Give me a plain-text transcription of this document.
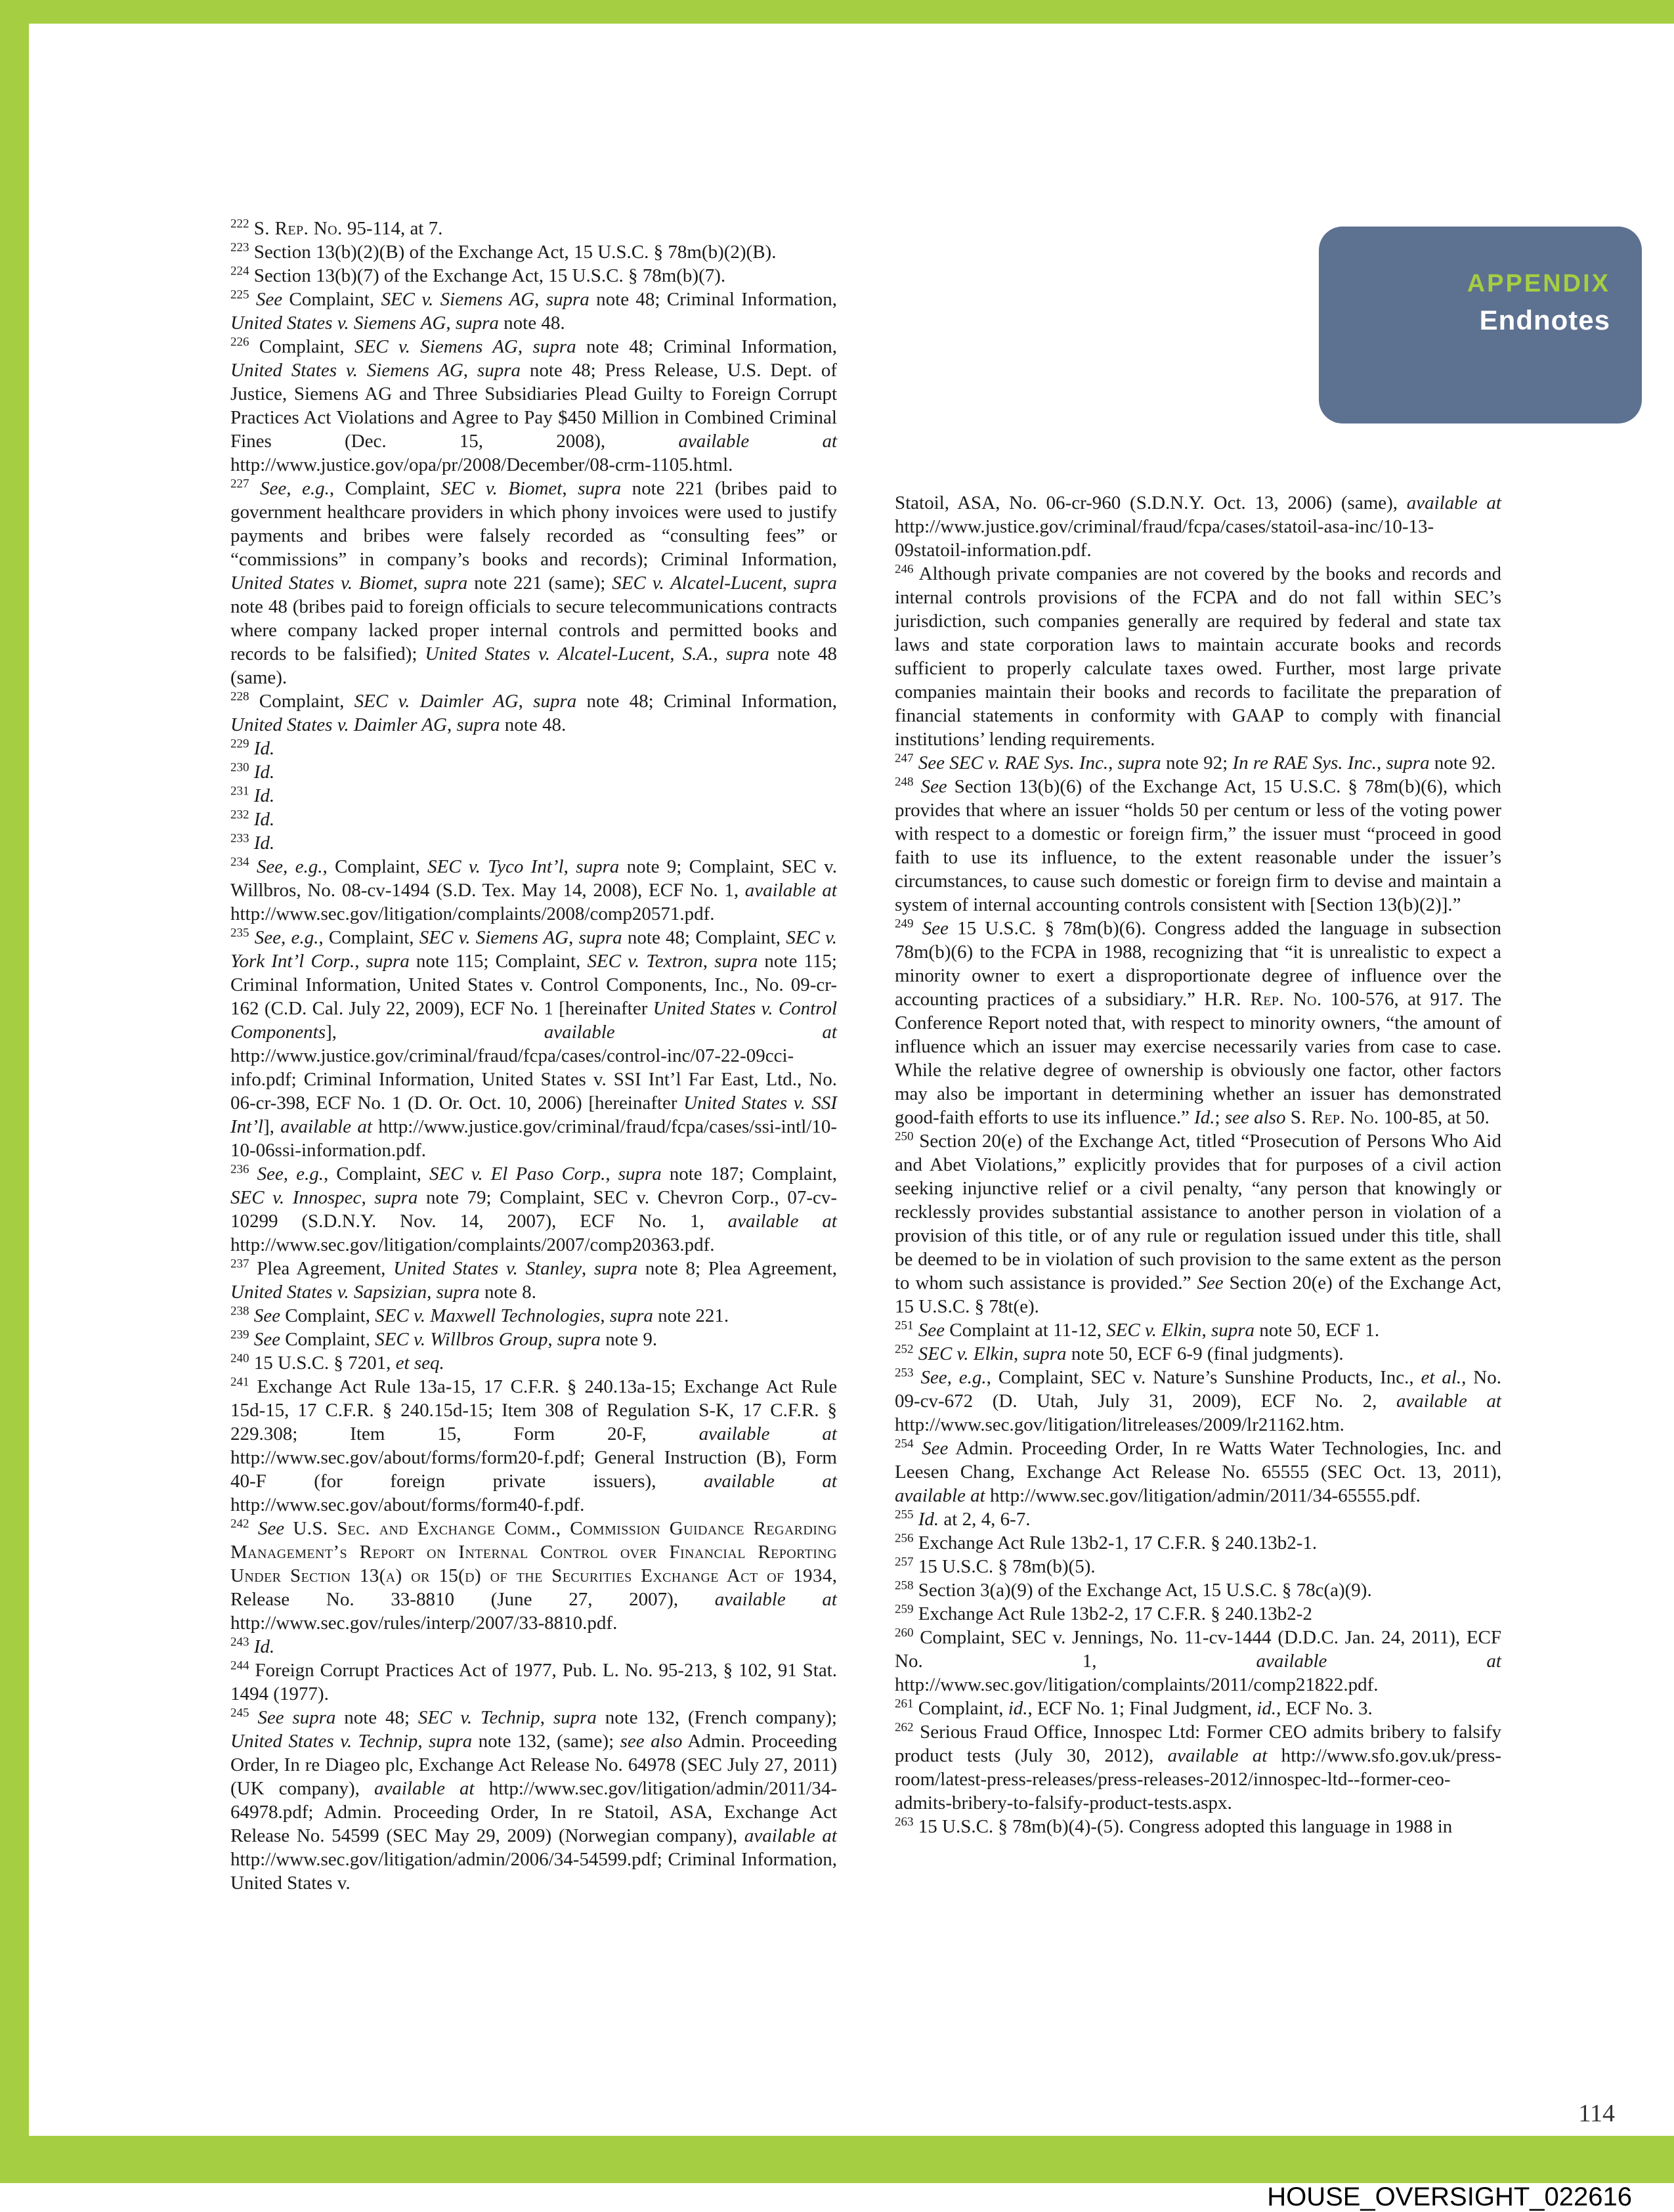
APPENDIX
Endnotes

$^{222}$ S. Rep. No. 95-114, at 7.

$^{223}$ Section 13(b)(2)(B) of the Exchange Act, 15 U.S.C. § 78m(b)(2)(B).

$^{224}$ Section 13(b)(7) of the Exchange Act, 15 U.S.C. § 78m(b)(7).

$^{225}$ See Complaint, SEC v. Siemens AG, supra note 48; Criminal Information, United States v. Siemens AG, supra note 48.

$^{226}$ Complaint, SEC v. Siemens AG, supra note 48; Criminal Information, United States v. Siemens AG, supra note 48; Press Release, U.S. Dept. of Justice, Siemens AG and Three Subsidiaries Plead Guilty to Foreign Corrupt Practices Act Violations and Agree to Pay $450 Million in Combined Criminal Fines (Dec. 15, 2008), available at http://www.justice.gov/opa/pr/2008/December/08-crm-1105.html.

$^{227}$ See, e.g., Complaint, SEC v. Biomet, supra note 221 (bribes paid to government healthcare providers in which phony invoices were used to justify payments and bribes were falsely recorded as “consulting fees” or “commissions” in company’s books and records); Criminal Information, United States v. Biomet, supra note 221 (same); SEC v. Alcatel-Lucent, supra note 48 (bribes paid to foreign officials to secure telecommunications contracts where company lacked proper internal controls and permitted books and records to be falsified); United States v. Alcatel-Lucent, S.A., supra note 48 (same).

$^{228}$ Complaint, SEC v. Daimler AG, supra note 48; Criminal Information, United States v. Daimler AG, supra note 48.

$^{229}$ Id.

$^{230}$ Id.

$^{231}$ Id.

$^{232}$ Id.

$^{233}$ Id.

$^{234}$ See, e.g., Complaint, SEC v. Tyco Int’l, supra note 9; Complaint, SEC v. Willbros, No. 08-cv-1494 (S.D. Tex. May 14, 2008), ECF No. 1, available at http://www.sec.gov/litigation/complaints/2008/comp20571.pdf.

$^{235}$ See, e.g., Complaint, SEC v. Siemens AG, supra note 48; Complaint, SEC v. York Int’l Corp., supra note 115; Complaint, SEC v. Textron, supra note 115; Criminal Information, United States v. Control Components, Inc., No. 09-cr-162 (C.D. Cal. July 22, 2009), ECF No. 1 [hereinafter United States v. Control Components], available at http://www.justice.gov/criminal/fraud/fcpa/cases/control-inc/07-22-09cci-info.pdf; Criminal Information, United States v. SSI Int’l Far East, Ltd., No. 06-cr-398, ECF No. 1 (D. Or. Oct. 10, 2006) [hereinafter United States v. SSI Int’l], available at http://www.justice.gov/criminal/fraud/fcpa/cases/ssi-intl/10-10-06ssi-information.pdf.

$^{236}$ See, e.g., Complaint, SEC v. El Paso Corp., supra note 187; Complaint, SEC v. Innospec, supra note 79; Complaint, SEC v. Chevron Corp., 07-cv-10299 (S.D.N.Y. Nov. 14, 2007), ECF No. 1, available at http://www.sec.gov/litigation/complaints/2007/comp20363.pdf.

$^{237}$ Plea Agreement, United States v. Stanley, supra note 8; Plea Agreement, United States v. Sapsizian, supra note 8.

$^{238}$ See Complaint, SEC v. Maxwell Technologies, supra note 221.

$^{239}$ See Complaint, SEC v. Willbros Group, supra note 9.

$^{240}$ 15 U.S.C. § 7201, et seq.

$^{241}$ Exchange Act Rule 13a-15, 17 C.F.R. § 240.13a-15; Exchange Act Rule 15d-15, 17 C.F.R. § 240.15d-15; Item 308 of Regulation S-K, 17 C.F.R. § 229.308; Item 15, Form 20-F, available at http://www.sec.gov/about/forms/form20-f.pdf; General Instruction (B), Form 40-F (for foreign private issuers), available at http://www.sec.gov/about/forms/form40-f.pdf.

$^{242}$ See U.S. Sec. and Exchange Comm., Commission Guidance Regarding Management’s Report on Internal Control over Financial Reporting Under Section 13(a) or 15(d) of the Securities Exchange Act of 1934, Release No. 33-8810 (June 27, 2007), available at http://www.sec.gov/rules/interp/2007/33-8810.pdf.

$^{243}$ Id.

$^{244}$ Foreign Corrupt Practices Act of 1977, Pub. L. No. 95-213, § 102, 91 Stat. 1494 (1977).

$^{245}$ See supra note 48; SEC v. Technip, supra note 132, (French company); United States v. Technip, supra note 132, (same); see also Admin. Proceeding Order, In re Diageo plc, Exchange Act Release No. 64978 (SEC July 27, 2011) (UK company), available at http://www.sec.gov/litigation/admin/2011/34-64978.pdf; Admin. Proceeding Order, In re Statoil, ASA, Exchange Act Release No. 54599 (SEC May 29, 2009) (Norwegian company), available at http://www.sec.gov/litigation/admin/2006/34-54599.pdf; Criminal Information, United States v.

Statoil, ASA, No. 06-cr-960 (S.D.N.Y. Oct. 13, 2006) (same), available at http://www.justice.gov/criminal/fraud/fcpa/cases/statoil-asa-inc/10-13-09statoil-information.pdf.

$^{246}$ Although private companies are not covered by the books and records and internal controls provisions of the FCPA and do not fall within SEC’s jurisdiction, such companies generally are required by federal and state tax laws and state corporation laws to maintain accurate books and records sufficient to properly calculate taxes owed. Further, most large private companies maintain their books and records to facilitate the preparation of financial statements in conformity with GAAP to comply with financial institutions’ lending requirements.

$^{247}$ See SEC v. RAE Sys. Inc., supra note 92; In re RAE Sys. Inc., supra note 92.

$^{248}$ See Section 13(b)(6) of the Exchange Act, 15 U.S.C. § 78m(b)(6), which provides that where an issuer “holds 50 per centum or less of the voting power with respect to a domestic or foreign firm,” the issuer must “proceed in good faith to use its influence, to the extent reasonable under the issuer’s circumstances, to cause such domestic or foreign firm to devise and maintain a system of internal accounting controls consistent with [Section 13(b)(2)].”

$^{249}$ See 15 U.S.C. § 78m(b)(6). Congress added the language in subsection 78m(b)(6) to the FCPA in 1988, recognizing that “it is unrealistic to expect a minority owner to exert a disproportionate degree of influence over the accounting practices of a subsidiary.” H.R. Rep. No. 100-576, at 917. The Conference Report noted that, with respect to minority owners, “the amount of influence which an issuer may exercise necessarily varies from case to case. While the relative degree of ownership is obviously one factor, other factors may also be important in determining whether an issuer has demonstrated good-faith efforts to use its influence.” Id.; see also S. Rep. No. 100-85, at 50.

$^{250}$ Section 20(e) of the Exchange Act, titled “Prosecution of Persons Who Aid and Abet Violations,” explicitly provides that for purposes of a civil action seeking injunctive relief or a civil penalty, “any person that knowingly or recklessly provides substantial assistance to another person in violation of a provision of this title, or of any rule or regulation issued under this title, shall be deemed to be in violation of such provision to the same extent as the person to whom such assistance is provided.” See Section 20(e) of the Exchange Act, 15 U.S.C. § 78t(e).

$^{251}$ See Complaint at 11-12, SEC v. Elkin, supra note 50, ECF 1.

$^{252}$ SEC v. Elkin, supra note 50, ECF 6-9 (final judgments).

$^{253}$ See, e.g., Complaint, SEC v. Nature’s Sunshine Products, Inc., et al., No. 09-cv-672 (D. Utah, July 31, 2009), ECF No. 2, available at http://www.sec.gov/litigation/litreleases/2009/lr21162.htm.

$^{254}$ See Admin. Proceeding Order, In re Watts Water Technologies, Inc. and Leesen Chang, Exchange Act Release No. 65555 (SEC Oct. 13, 2011), available at http://www.sec.gov/litigation/admin/2011/34-65555.pdf.

$^{255}$ Id. at 2, 4, 6-7.

$^{256}$ Exchange Act Rule 13b2-1, 17 C.F.R. § 240.13b2-1.

$^{257}$ 15 U.S.C. § 78m(b)(5).

$^{258}$ Section 3(a)(9) of the Exchange Act, 15 U.S.C. § 78c(a)(9).

$^{259}$ Exchange Act Rule 13b2-2, 17 C.F.R. § 240.13b2-2

$^{260}$ Complaint, SEC v. Jennings, No. 11-cv-1444 (D.D.C. Jan. 24, 2011), ECF No. 1, available at http://www.sec.gov/litigation/complaints/2011/comp21822.pdf.

$^{261}$ Complaint, id., ECF No. 1; Final Judgment, id., ECF No. 3.

$^{262}$ Serious Fraud Office, Innospec Ltd: Former CEO admits bribery to falsify product tests (July 30, 2012), available at http://www.sfo.gov.uk/press-room/latest-press-releases/press-releases-2012/innospec-ltd--former-ceo-admits-bribery-to-falsify-product-tests.aspx.

$^{263}$ 15 U.S.C. § 78m(b)(4)-(5). Congress adopted this language in 1988 in

114
HOUSE_OVERSIGHT_022616
